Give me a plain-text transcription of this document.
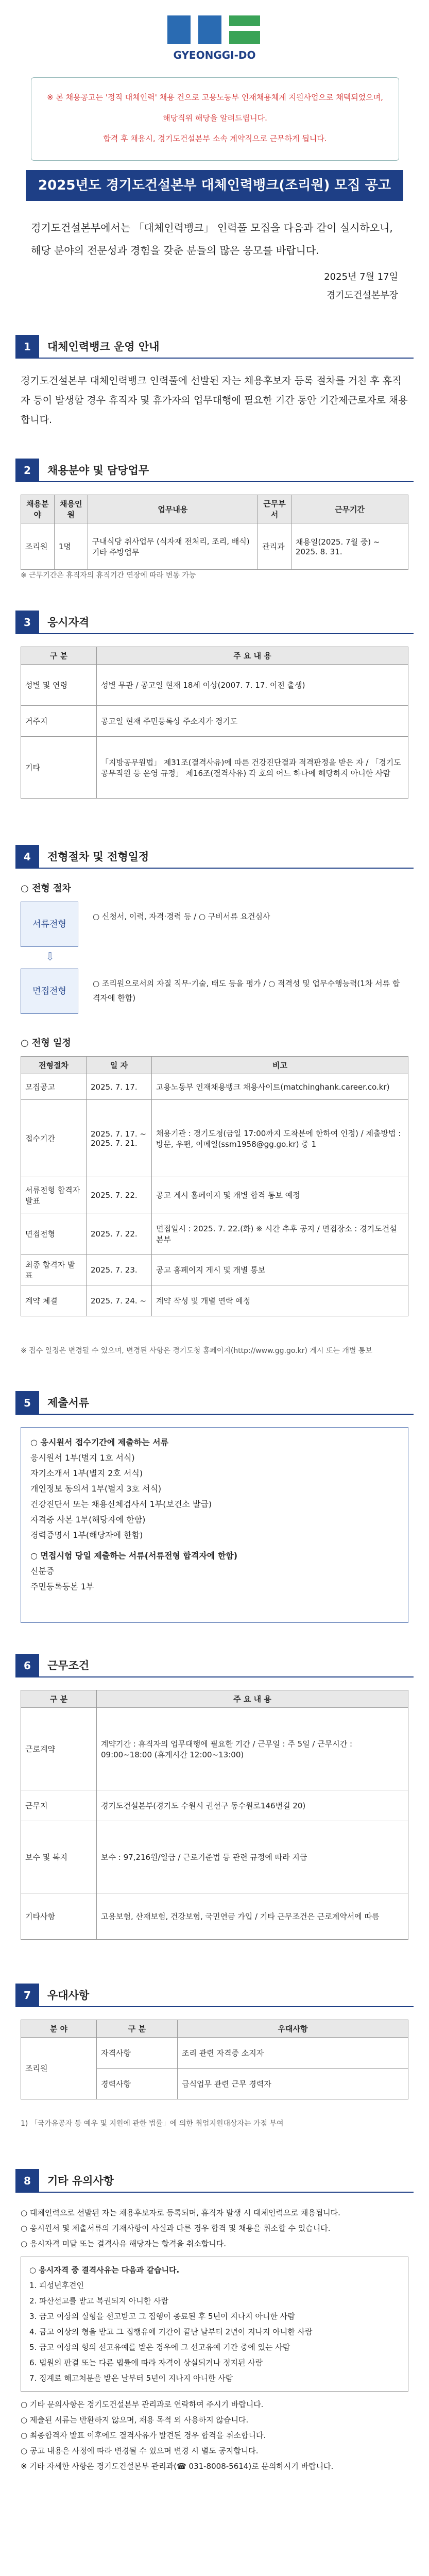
GYEONGGI-DO

※ 본 채용공고는 '정직 대체인력' 채용 건으로 고용노동부 인재채용체계 지원사업으로 채택되었으며,

해당직위 해당을 알려드립니다.

합격 후 채용시, 경기도건설본부 소속 계약직으로 근무하게 됩니다.

2025년도 경기도건설본부 대체인력뱅크(조리원) 모집 공고
경기도건설본부에서는 「대체인력뱅크」 인력풀 모집을 다음과 같이 실시하오니, 해당 분야의 전문성과 경험을 갖춘 분들의 많은 응모를 바랍니다.
2025년 7월 17일
경기도건설본부장
1	대체인력뱅크 운영 안내
경기도건설본부 대체인력뱅크 인력풀에 선발된 자는 채용후보자 등록 절차를 거친 후 휴직자 등이 발생할 경우 휴직자 및 휴가자의 업무대행에 필요한 기간 동안 기간제근로자로 채용합니다.
2	채용분야 및 담당업무
채용분야	채용인원	업무내용	근무부서	근무기간
조리원	1명	구내식당 취사업무 (식자재 전처리, 조리, 배식) 기타 주방업무	관리과	채용일(2025. 7월 중) ~ 2025. 8. 31.
※ 근무기간은 휴직자의 휴직기간 연장에 따라 변동 가능
3	응시자격
구 분	주 요 내 용
성별 및 연령	성별 무관 / 공고일 현재 18세 이상(2007. 7. 17. 이전 출생)
거주지	공고일 현재 주민등록상 주소지가 경기도
기타	「지방공무원법」 제31조(결격사유)에 따른 건강진단결과 적격판정을 받은 자 / 「경기도 공무직원 등 운영 규정」 제16조(결격사유) 각 호의 어느 하나에 해당하지 아니한 사람
4	전형절차 및 전형일정
○ 전형 절차
서류전형
○ 신청서, 이력, 자격·경력 등 / ○ 구비서류 요건심사
⇩
면접전형
○ 조리원으로서의 자질 직무·기술, 태도 등을 평가 / ○ 적격성 및 업무수행능력(1차 서류 합격자에 한함)
○ 전형 일정
전형절차	일 자	비고
모집공고	2025. 7. 17.	고용노동부 인재채용뱅크 채용사이트(matchinghank.career.co.kr)
접수기간	2025. 7. 17. ~ 2025. 7. 21.	채용기관 : 경기도청(금일 17:00까지 도착분에 한하여 인정) / 제출방법 : 방문, 우편, 이메일(ssm1958@gg.go.kr) 중 1
서류전형 합격자 발표	2025. 7. 22.	공고 게시 홈페이지 및 개별 합격 통보 예정
면접전형	2025. 7. 22.	면접일시 : 2025. 7. 22.(화) ※ 시간 추후 공지 / 면접장소 : 경기도건설본부
최종 합격자 발표	2025. 7. 23.	공고 홈페이지 게시 및 개별 통보
계약 체결	2025. 7. 24. ~	계약 작성 및 개별 연락 예정
※ 접수 일정은 변경될 수 있으며, 변경된 사항은 경기도청 홈페이지(http://www.gg.go.kr) 게시 또는 개별 통보
5	제출서류
○ 응시원서 접수기간에 제출하는 서류
응시원서 1부(별지 1호 서식)
자기소개서 1부(별지 2호 서식)
개인정보 동의서 1부(별지 3호 서식)
건강진단서 또는 채용신체검사서 1부(보건소 발급)
자격증 사본 1부(해당자에 한함)
경력증명서 1부(해당자에 한함)
○ 면접시험 당일 제출하는 서류(서류전형 합격자에 한함)
신분증
주민등록등본 1부
6	근무조건
구 분	주 요 내 용
근로계약	계약기간 : 휴직자의 업무대행에 필요한 기간 / 근무일 : 주 5일 / 근무시간 : 09:00~18:00 (휴게시간 12:00~13:00)
근무지	경기도건설본부(경기도 수원시 권선구 동수원로146번길 20)
보수 및 복지	보수 : 97,216원/일급 / 근로기준법 등 관련 규정에 따라 지급
기타사항	고용보험, 산재보험, 건강보험, 국민연금 가입 / 기타 근무조건은 근로계약서에 따름
7	우대사항
분 야	구 분	우대사항
조리원	자격사항	조리 관련 자격증 소지자
	경력사항	급식업무 관련 근무 경력자
1) 「국가유공자 등 예우 및 지원에 관한 법률」에 의한 취업지원대상자는 가점 부여
8	기타 유의사항
○ 대체인력으로 선발된 자는 채용후보자로 등록되며, 휴직자 발생 시 대체인력으로 채용됩니다.
○ 응시원서 및 제출서류의 기재사항이 사실과 다른 경우 합격 및 채용을 취소할 수 있습니다.
○ 응시자격 미달 또는 결격사유 해당자는 합격을 취소합니다.
○ 응시자격 중 결격사유는 다음과 같습니다.
1. 피성년후견인
2. 파산선고를 받고 복권되지 아니한 사람
3. 금고 이상의 실형을 선고받고 그 집행이 종료된 후 5년이 지나지 아니한 사람
4. 금고 이상의 형을 받고 그 집행유예 기간이 끝난 날부터 2년이 지나지 아니한 사람
5. 금고 이상의 형의 선고유예를 받은 경우에 그 선고유예 기간 중에 있는 사람
6. 법원의 판결 또는 다른 법률에 따라 자격이 상실되거나 정지된 사람
7. 징계로 해고처분을 받은 날부터 5년이 지나지 아니한 사람
○ 기타 문의사항은 경기도건설본부 관리과로 연락하여 주시기 바랍니다.
○ 제출된 서류는 반환하지 않으며, 채용 목적 외 사용하지 않습니다.
○ 최종합격자 발표 이후에도 결격사유가 발견된 경우 합격을 취소합니다.
○ 공고 내용은 사정에 따라 변경될 수 있으며 변경 시 별도 공지합니다.
※ 기타 자세한 사항은 경기도건설본부 관리과(☎ 031-8008-5614)로 문의하시기 바랍니다.
